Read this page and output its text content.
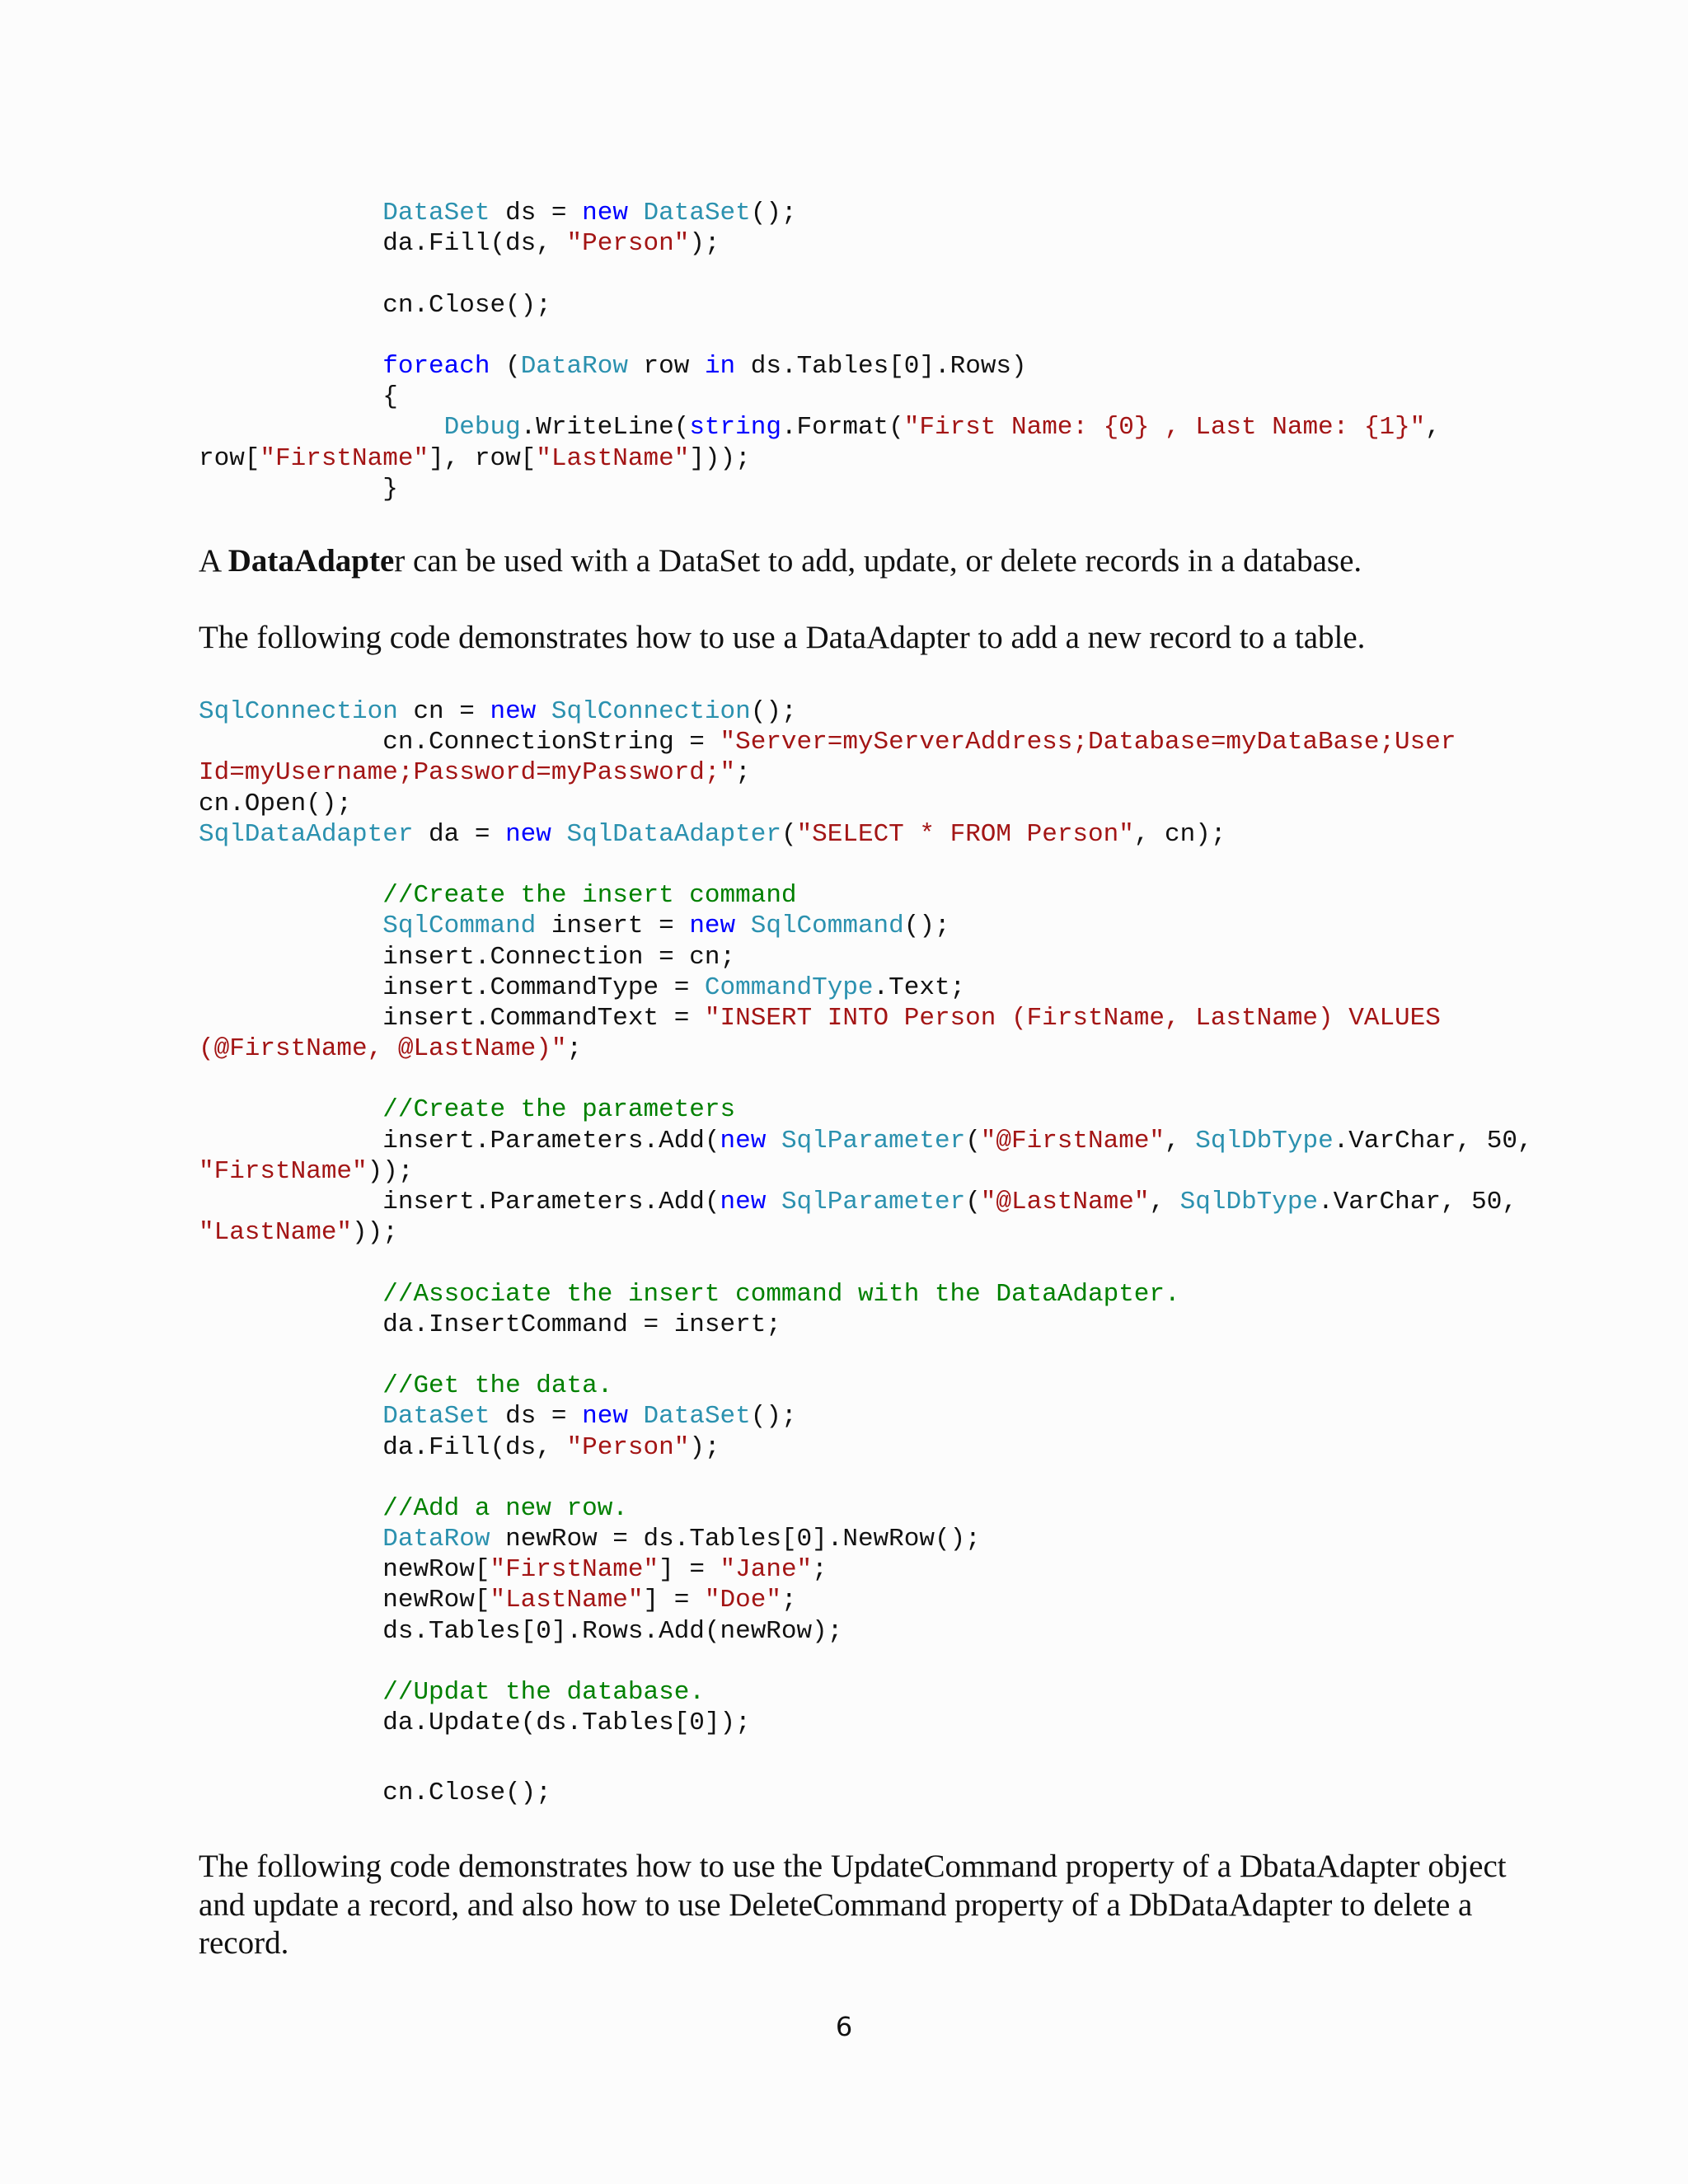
DataSet ds = new DataSet();
da.Fill(ds, "Person");
cn.Close();
foreach (DataRow row in ds.Tables[0].Rows)
{
Debug.WriteLine(string.Format("First Name: {0} , Last Name: {1}",
row["FirstName"], row["LastName"]));
}

A DataAdapter can be used with a DataSet to add, update, or delete records in a database.

The following code demonstrates how to use a DataAdapter to add a new record to a table.

SqlConnection cn = new SqlConnection();
cn.ConnectionString = "Server=myServerAddress;Database=myDataBase;User
Id=myUsername;Password=myPassword;";
cn.Open();
SqlDataAdapter da = new SqlDataAdapter("SELECT * FROM Person", cn);
//Create the insert command
SqlCommand insert = new SqlCommand();
insert.Connection = cn;
insert.CommandType = CommandType.Text;
insert.CommandText = "INSERT INTO Person (FirstName, LastName) VALUES
(@FirstName, @LastName)";
//Create the parameters
insert.Parameters.Add(new SqlParameter("@FirstName", SqlDbType.VarChar, 50,
"FirstName"));
insert.Parameters.Add(new SqlParameter("@LastName", SqlDbType.VarChar, 50,
"LastName"));
//Associate the insert command with the DataAdapter.
da.InsertCommand = insert;
//Get the data.
DataSet ds = new DataSet();
da.Fill(ds, "Person");
//Add a new row.
DataRow newRow = ds.Tables[0].NewRow();
newRow["FirstName"] = "Jane";
newRow["LastName"] = "Doe";
ds.Tables[0].Rows.Add(newRow);
//Updat the database.
da.Update(ds.Tables[0]);
cn.Close();

The following code demonstrates how to use the UpdateCommand property of a DbataAdapter object and update a record, and also how to use DeleteCommand property of a DbDataAdapter to delete a record.

6
